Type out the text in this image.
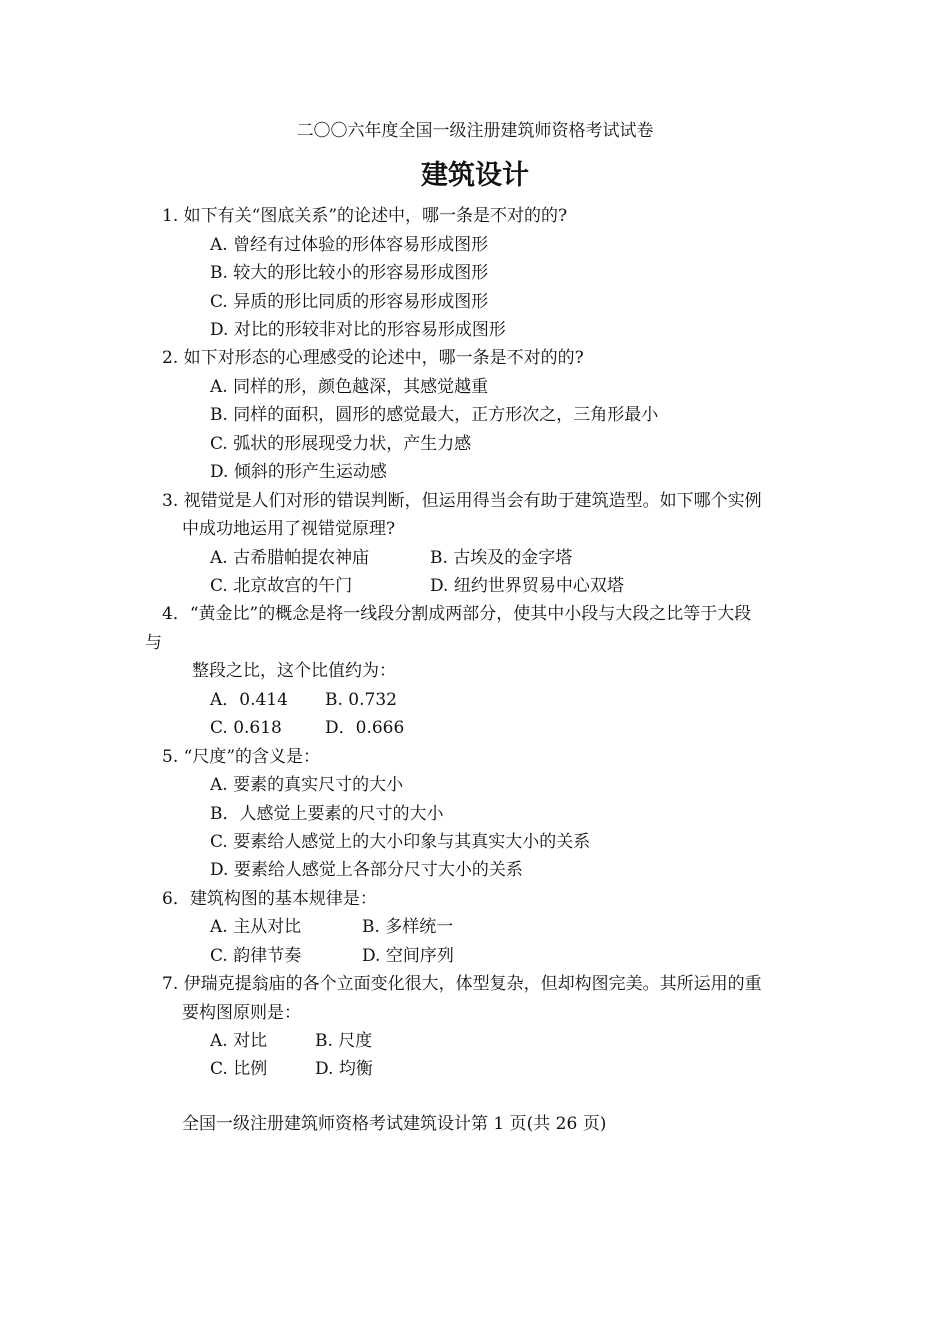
二〇〇六年度全国一级注册建筑师资格考试试卷
建筑设计
1. 如下有关“图底关系”的论述中，哪一条是不对的的?
A. 曾经有过体验的形体容易形成图形
B. 较大的形比较小的形容易形成图形
C. 异质的形比同质的形容易形成图形
D. 对比的形较非对比的形容易形成图形
2. 如下对形态的心理感受的论述中，哪一条是不对的的?
A. 同样的形，颜色越深，其感觉越重
B. 同样的面积，圆形的感觉最大，正方形次之，三角形最小
C. 弧状的形展现受力状，产生力感
D. 倾斜的形产生运动感
3. 视错觉是人们对形的错误判断，但运用得当会有助于建筑造型。如下哪个实例
中成功地运用了视错觉原理?
A. 古希腊帕提农神庙	B. 古埃及的金字塔
C. 北京故宫的午门	D. 纽约世界贸易中心双塔
4．“黄金比”的概念是将一线段分割成两部分，使其中小段与大段之比等于大段
与
整段之比，这个比值约为：
A．0.414 B. 0.732
C. 0.618	D．0.666
5. “尺度”的含义是：
A. 要素的真实尺寸的大小
B．人感觉上要素的尺寸的大小
C. 要素给人感觉上的大小印象与其真实大小的关系
D. 要素给人感觉上各部分尺寸大小的关系
6．建筑构图的基本规律是：
A. 主从对比	B. 多样统一
C. 韵律节奏	D. 空间序列
7. 伊瑞克提翁庙的各个立面变化很大，体型复杂，但却构图完美。其所运用的重
要构图原则是：
A. 对比	B. 尺度
C. 比例	D. 均衡
全国一级注册建筑师资格考试建筑设计第 1 页(共 26 页)
